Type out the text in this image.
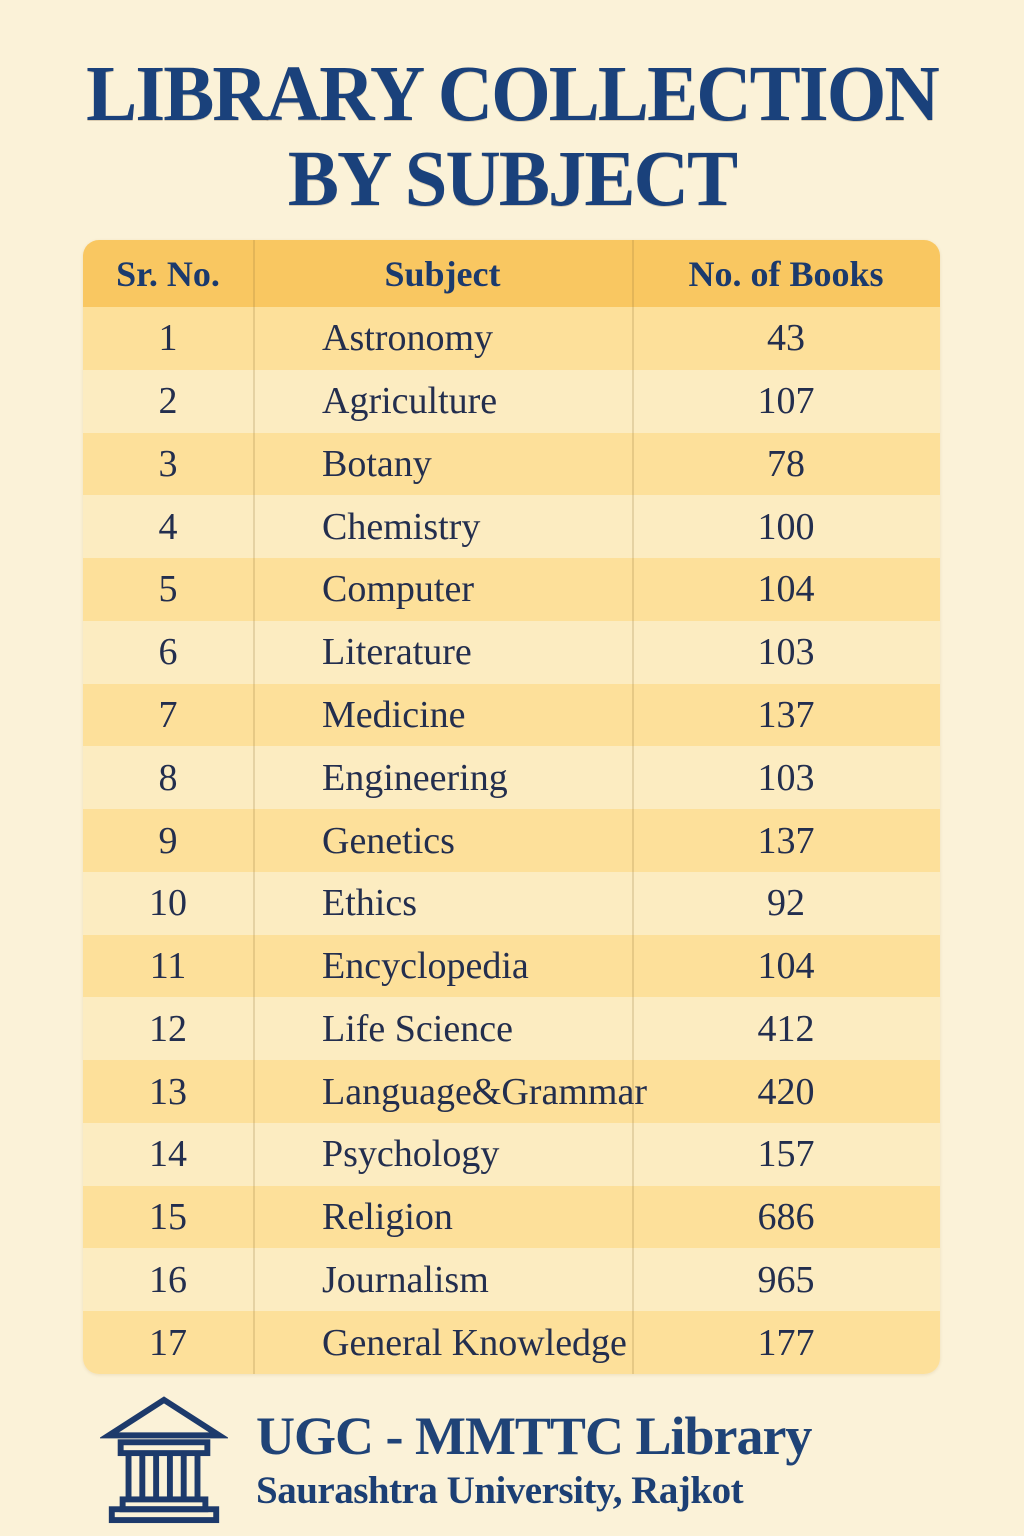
LIBRARY COLLECTION
BY SUBJECT
Sr. No.	Subject	No. of Books
1	Astronomy	43
2	Agriculture	107
3	Botany	78
4	Chemistry	100
5	Computer	104
6	Literature	103
7	Medicine	137
8	Engineering	103
9	Genetics	137
10	Ethics	92
11	Encyclopedia	104
12	Life Science	412
13	Language&Grammar	420
14	Psychology	157
15	Religion	686
16	Journalism	965
17	General Knowledge	177
UGC - MMTTC Library
Saurashtra University, Rajkot
